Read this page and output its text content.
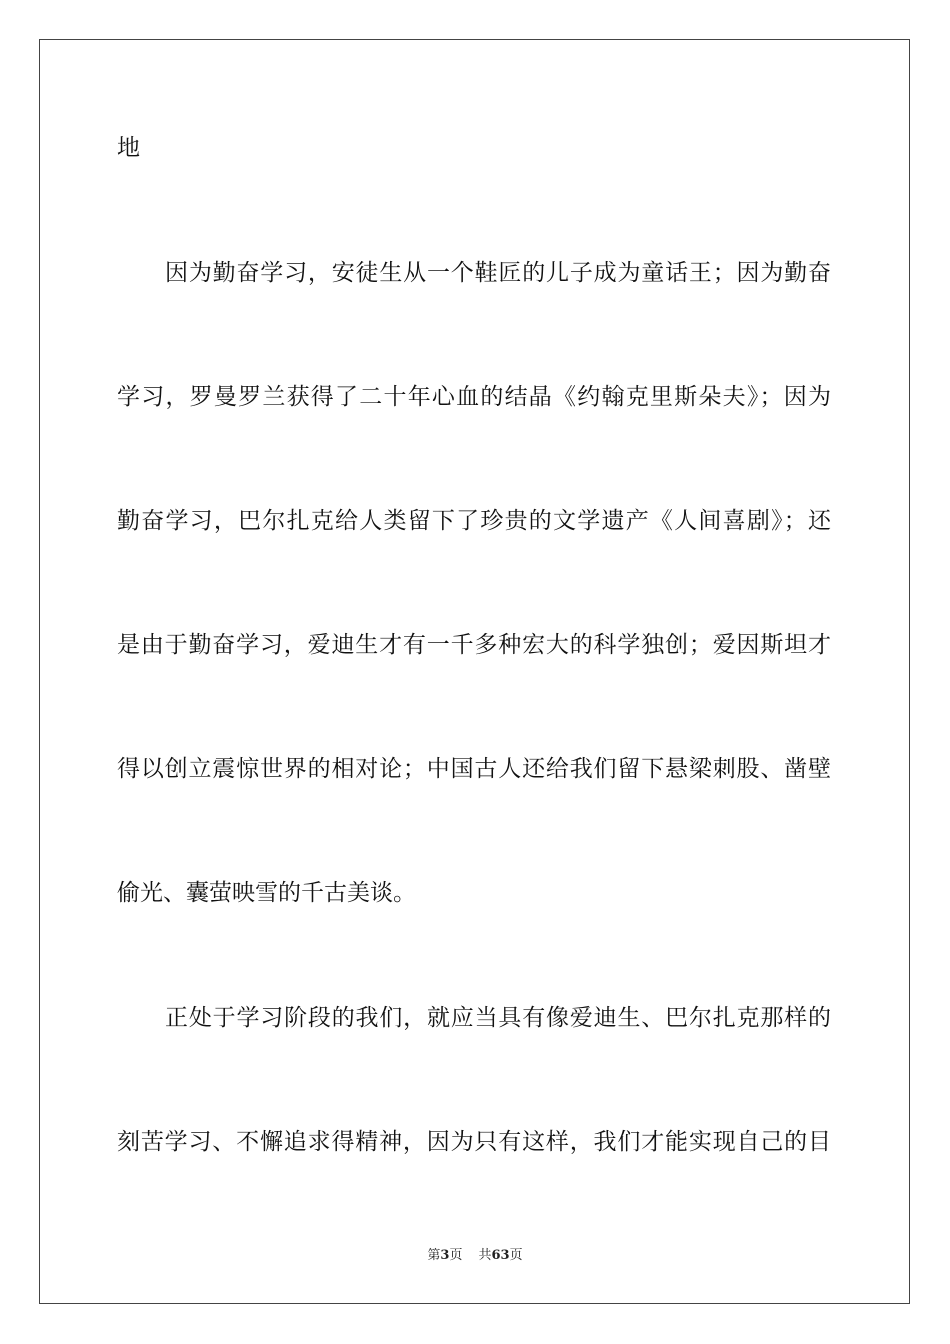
地
因为勤奋学习，安徒生从一个鞋匠的儿子成为童话王；因为勤奋
学习，罗曼罗兰获得了二十年心血的结晶《约翰克里斯朵夫》；因为
勤奋学习，巴尔扎克给人类留下了珍贵的文学遗产《人间喜剧》；还
是由于勤奋学习，爱迪生才有一千多种宏大的科学独创；爱因斯坦才
得以创立震惊世界的相对论；中国古人还给我们留下悬梁刺股、凿壁
偷光、囊萤映雪的千古美谈。
正处于学习阶段的我们，就应当具有像爱迪生、巴尔扎克那样的
刻苦学习、不懈追求得精神，因为只有这样，我们才能实现自己的目
第3页 共63页
